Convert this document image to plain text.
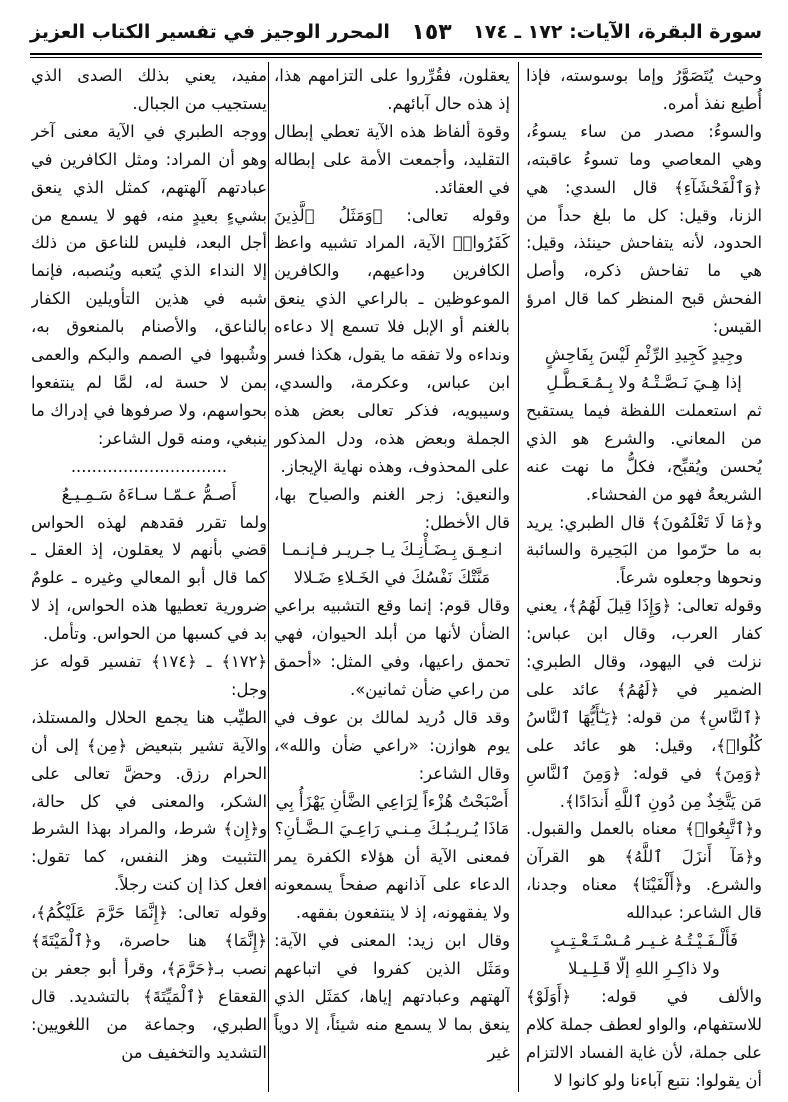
سورة البقرة، الآيات: ١٧٢ ـ ١٧٤
١٥٣
المحرر الوجيز في تفسير الكتاب العزيز

وحيث يُتَصَوَّرُ وإما بوسوسته، فإذا أُطيع نفذ أمره.

والسوءُ: مصدر من ساء يسوءُ، وهي المعاصي وما تسوءُ عاقبته، ﴿وَٱلْفَحْشَآءِ﴾ قال السدي: هي الزنا، وقيل: كل ما بلغ حداً من الحدود، لأنه يتفاحش حينئذ، وقيل: هي ما تفاحش ذكره، وأصل الفحش قبح المنظر كما قال امرؤ القيس:

وجِيدٍ كَجِيدِ الرِّئْمِ لَيْسَ بِفَاحِشٍ

إذا هِـيَ نَـصَّـتْـهُ ولا بِـمُـعَـطَّـلِ

ثم استعملت اللفظة فيما يستقبح من المعاني. والشرع هو الذي يُحسن ويُقبِّح، فكلُّ ما نهت عنه الشريعةُ فهو من الفحشاء.

و﴿مَا لَا تَعْلَمُونَ﴾ قال الطبري: يريد به ما حرّموا من البَحِيرة والسائبة ونحوها وجعلوه شرعاً.

وقوله تعالى: ﴿وَإِذَا قِيلَ لَهُمُ﴾، يعني كفار العرب، وقال ابن عباس: نزلت في اليهود، وقال الطبري: الضمير في ﴿لَهُمُ﴾ عائد على ﴿ٱلنَّاسِ﴾ من قوله: ﴿يَـٰٓأَيُّهَا ٱلنَّاسُ كُلُوا۟﴾، وقيل: هو عائد على ﴿وَمِنَ﴾ في قوله: ﴿وَمِنَ ٱلنَّاسِ مَن يَتَّخِذُ مِن دُونِ ٱللَّهِ أَندَادًا﴾.

و﴿ٱتَّبِعُوا۟﴾ معناه بالعمل والقبول. و﴿مَآ أَنزَلَ ٱللَّهُ﴾ هو القرآن والشرع. و﴿أَلْفَيْنَا﴾ معناه وجدنا، قال الشاعر: عبدالله

فَأَلْـفَـيْـتُـهُ غـيـر مُـسْـتَـعْـتِـبٍ

ولا ذاكِـرِ اللهِ إلّا قَـلِـيـلا

والألف في قوله: ﴿أَوَلَوْ﴾ للاستفهام، والواو لعطف جملة كلام على جملة، لأن غاية الفساد الالتزام أن يقولوا: نتبع آباءنا ولو كانوا لا

يعقلون، فقُرِّروا على التزامهم هذا، إذ هذه حال آبائهم.

وقوة ألفاظ هذه الآية تعطي إبطال التقليد، وأجمعت الأمة على إبطاله في العقائد.

وقوله تعالى: ﴿وَمَثَلُ ٱلَّذِينَ كَفَرُوا۟﴾ الآية، المراد تشبيه واعظ الكافرين وداعيهم، والكافرين الموعوظين ـ بالراعي الذي ينعق بالغنم أو الإبل فلا تسمع إلا دعاءه ونداءه ولا تفقه ما يقول، هكذا فسر ابن عباس، وعكرمة، والسدي، وسيبويه، فذكر تعالى بعض هذه الجملة وبعض هذه، ودل المذكور على المحذوف، وهذه نهاية الإيجاز.

والنعيق: زجر الغنم والصياح بها، قال الأخطل:

انـعِـق بِـضَـأْنِـكَ يـا جـريـر فـإنـمـا

مَنَّتْكَ نَفْسُكَ في الخَـلاءِ ضَـلالا

وقال قوم: إنما وقع التشبيه براعي الضأن لأنها من أبلد الحيوان، فهي تحمق راعيها، وفي المثل: «أحمق من راعي ضأن ثمانين».

وقد قال دُريد لمالك بن عوف في يوم هوازن: «راعي ضأن والله»، وقال الشاعر:

أَصْبَحْتُ هُزْءاً لِرَاعِي الضَّأنِ يَهْزَأُ بِي

مَاذَا يُـريـبُـكَ مِـنـي رَاعِـيَ الـضَّـأنِ؟

فمعنى الآية أن هؤلاء الكفرة يمر الدعاء على آذانهم صفحاً يسمعونه ولا يفقهونه، إذ لا ينتفعون بفقهه.

وقال ابن زيد: المعنى في الآية: ومَثَل الذين كفروا في اتباعهم آلهتهم وعبادتهم إياها، كمَثَل الذي ينعق بما لا يسمع منه شيئاً، إلا دوياً غير

مفيد، يعني بذلك الصدى الذي يستجيب من الجبال.

ووجه الطبري في الآية معنى آخر وهو أن المراد: ومثل الكافرين في عبادتهم آلهتهم، كمثل الذي ينعق بشيءٍ بعيدٍ منه، فهو لا يسمع من أجل البعد، فليس للناعق من ذلك إلا النداء الذي يُتعبه ويُنصبه، فإنما شبه في هذين التأويلين الكفار بالناعق، والأصنام بالمنعوق به، وشُبهوا في الصمم والبكم والعمى بمن لا حسة له، لمَّا لم ينتفعوا بحواسهم، ولا صرفوها في إدراك ما ينبغي، ومنه قول الشاعر:

..............................

أَصـمُّ عـمّـا سـاءَهُ سَـمِـيـعُ

ولما تقرر فقدهم لهذه الحواس قضي بأنهم لا يعقلون، إذ العقل ـ كما قال أبو المعالي وغيره ـ علومٌ ضرورية تعطيها هذه الحواس، إذ لا بد في كسبها من الحواس. وتأمل.

﴿١٧٢﴾ ـ ﴿١٧٤﴾ تفسير قوله عز وجل:

الطيِّب هنا يجمع الحلال والمستلذ، والآية تشير بتبعيض ﴿مِن﴾ إلى أن الحرام رزق. وحضَّ تعالى على الشكر، والمعنى في كل حالة، و﴿إِن﴾ شرط، والمراد بهذا الشرط التثبيت وهز النفس، كما تقول: افعل كذا إن كنت رجلاً.

وقوله تعالى: ﴿إِنَّمَا حَرَّمَ عَلَيْكُمُ﴾، ﴿إِنَّمَا﴾ هنا حاصرة، و﴿ٱلْمَيْتَةَ﴾ نصب بـ﴿حَرَّمَ﴾، وقرأ أبو جعفر بن القعقاع ﴿ٱلْمَيِّتَةَ﴾ بالتشديد. قال الطبري، وجماعة من اللغويين: التشديد والتخفيف من
